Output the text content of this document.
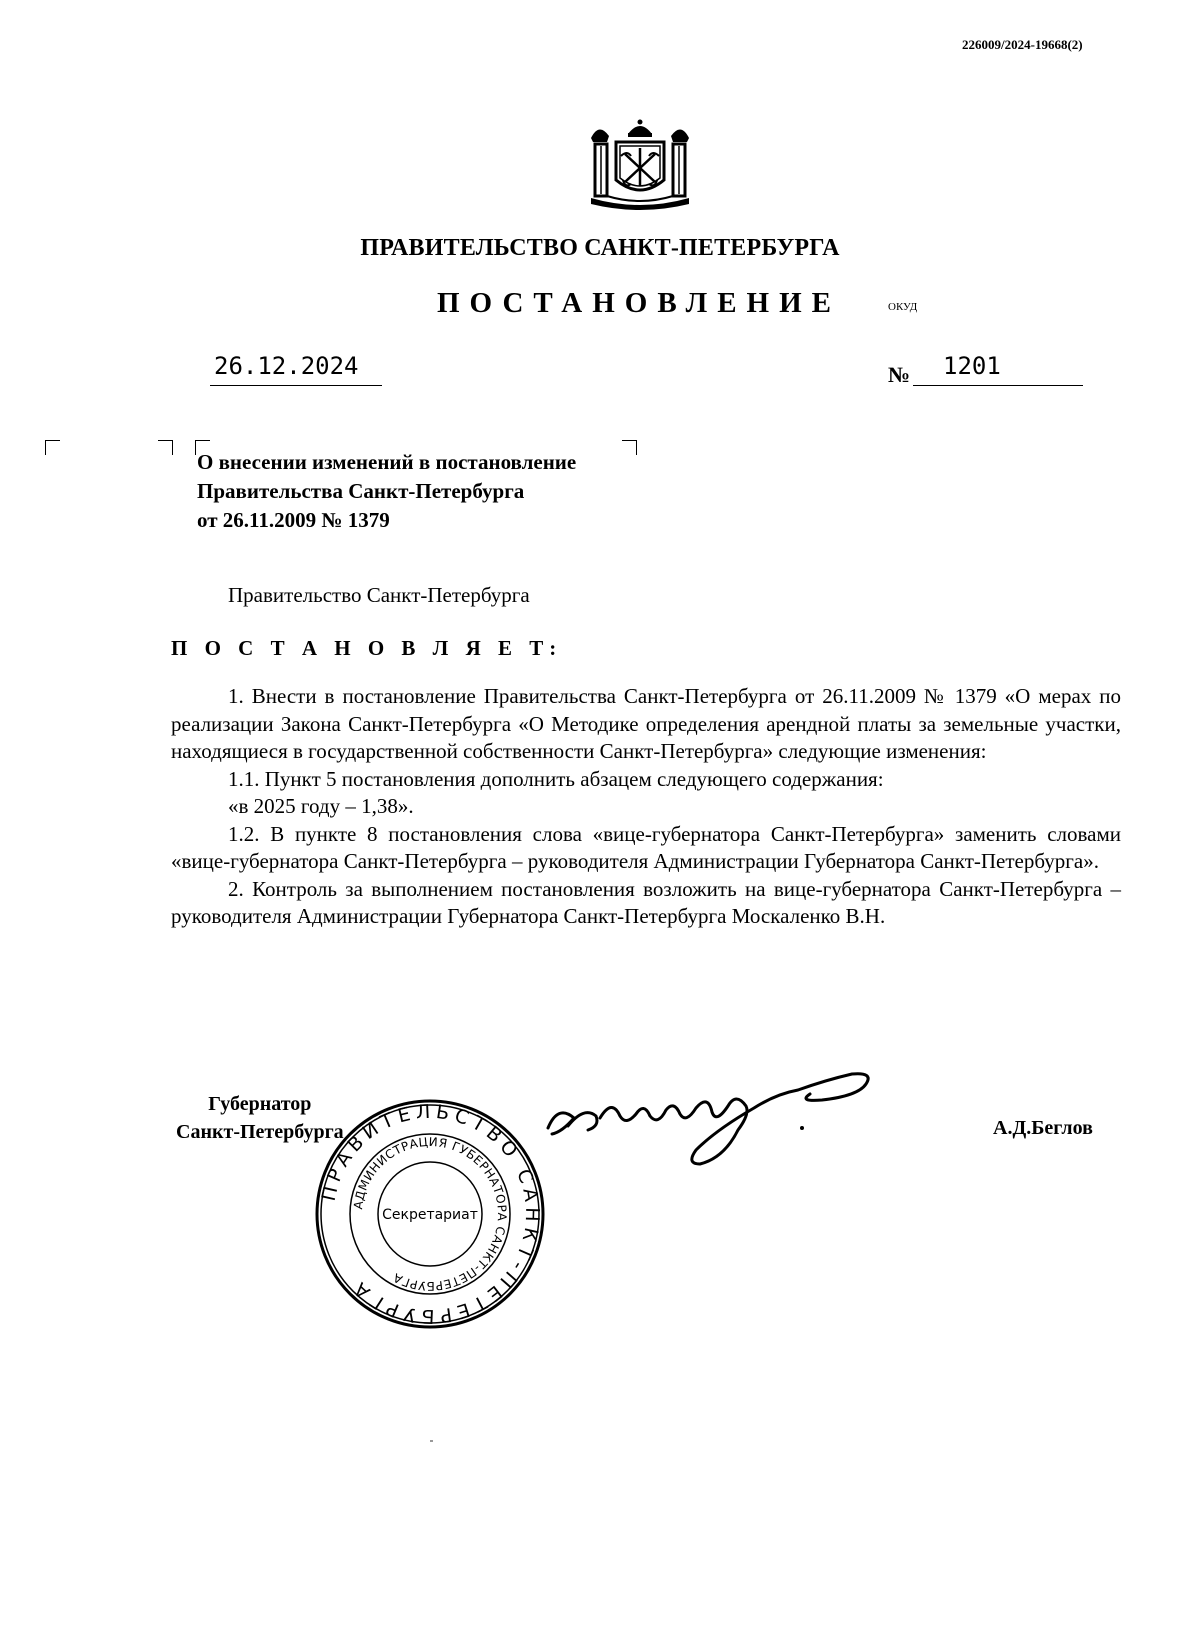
226009/2024-19668(2)
ПРАВИТЕЛЬСТВО САНКТ-ПЕТЕРБУРГА
ПОСТАНОВЛЕНИЕ	ОКУД
26.12.2024	№ 1201
О внесении изменений в постановление
Правительства Санкт-Петербурга
от 26.11.2009 № 1379
Правительство Санкт-Петербурга
П О С Т А Н О В Л Я Е Т:

1. Внести в постановление Правительства Санкт-Петербурга от 26.11.2009 № 1379 «О мерах по реализации Закона Санкт-Петербурга «О Методике определения арендной платы за земельные участки, находящиеся в государственной собственности Санкт-Петербурга» следующие изменения:

1.1. Пункт 5 постановления дополнить абзацем следующего содержания:

«в 2025 году – 1,38».

1.2. В пункте 8 постановления слова «вице-губернатора Санкт-Петербурга» заменить словами «вице-губернатора Санкт-Петербурга – руководителя Администрации Губернатора Санкт-Петербурга».

2. Контроль за выполнением постановления возложить на вице-губернатора Санкт-Петербурга – руководителя Администрации Губернатора Санкт-Петербурга Москаленко В.Н.

Губернатор
Санкт-Петербурга
ПРАВИТЕЛЬСТВО САНКТ-ПЕТЕРБУРГА
АДМИНИСТРАЦИЯ ГУБЕРНАТОРА САНКТ-ПЕТЕРБУРГА
Секретариат
А.Д.Беглов
